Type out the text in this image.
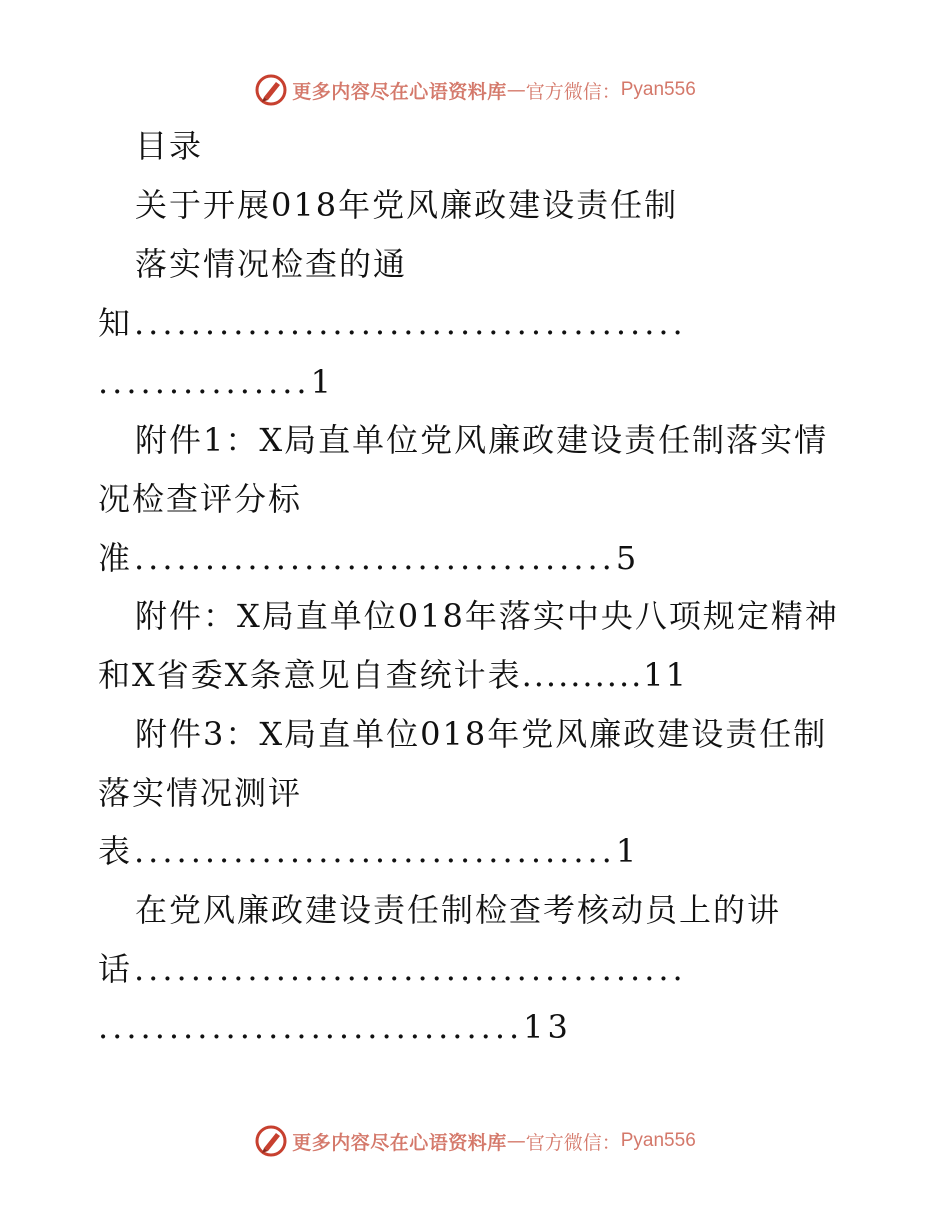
更多内容尽在心语资料库 — 官方微信： Pyan556
目录
关于开展018年党风廉政建设责任制
落实情况检查的通
知.......................................
...............1
附件1：X局直单位党风廉政建设责任制落实情
况检查评分标
准..................................5
附件：X局直单位018年落实中央八项规定精神
和X省委X条意见自查统计表..........11
附件3：X局直单位018年党风廉政建设责任制
落实情况测评
表..................................1
在党风廉政建设责任制检查考核动员上的讲
话.......................................
..............................13
更多内容尽在心语资料库 — 官方微信： Pyan556
